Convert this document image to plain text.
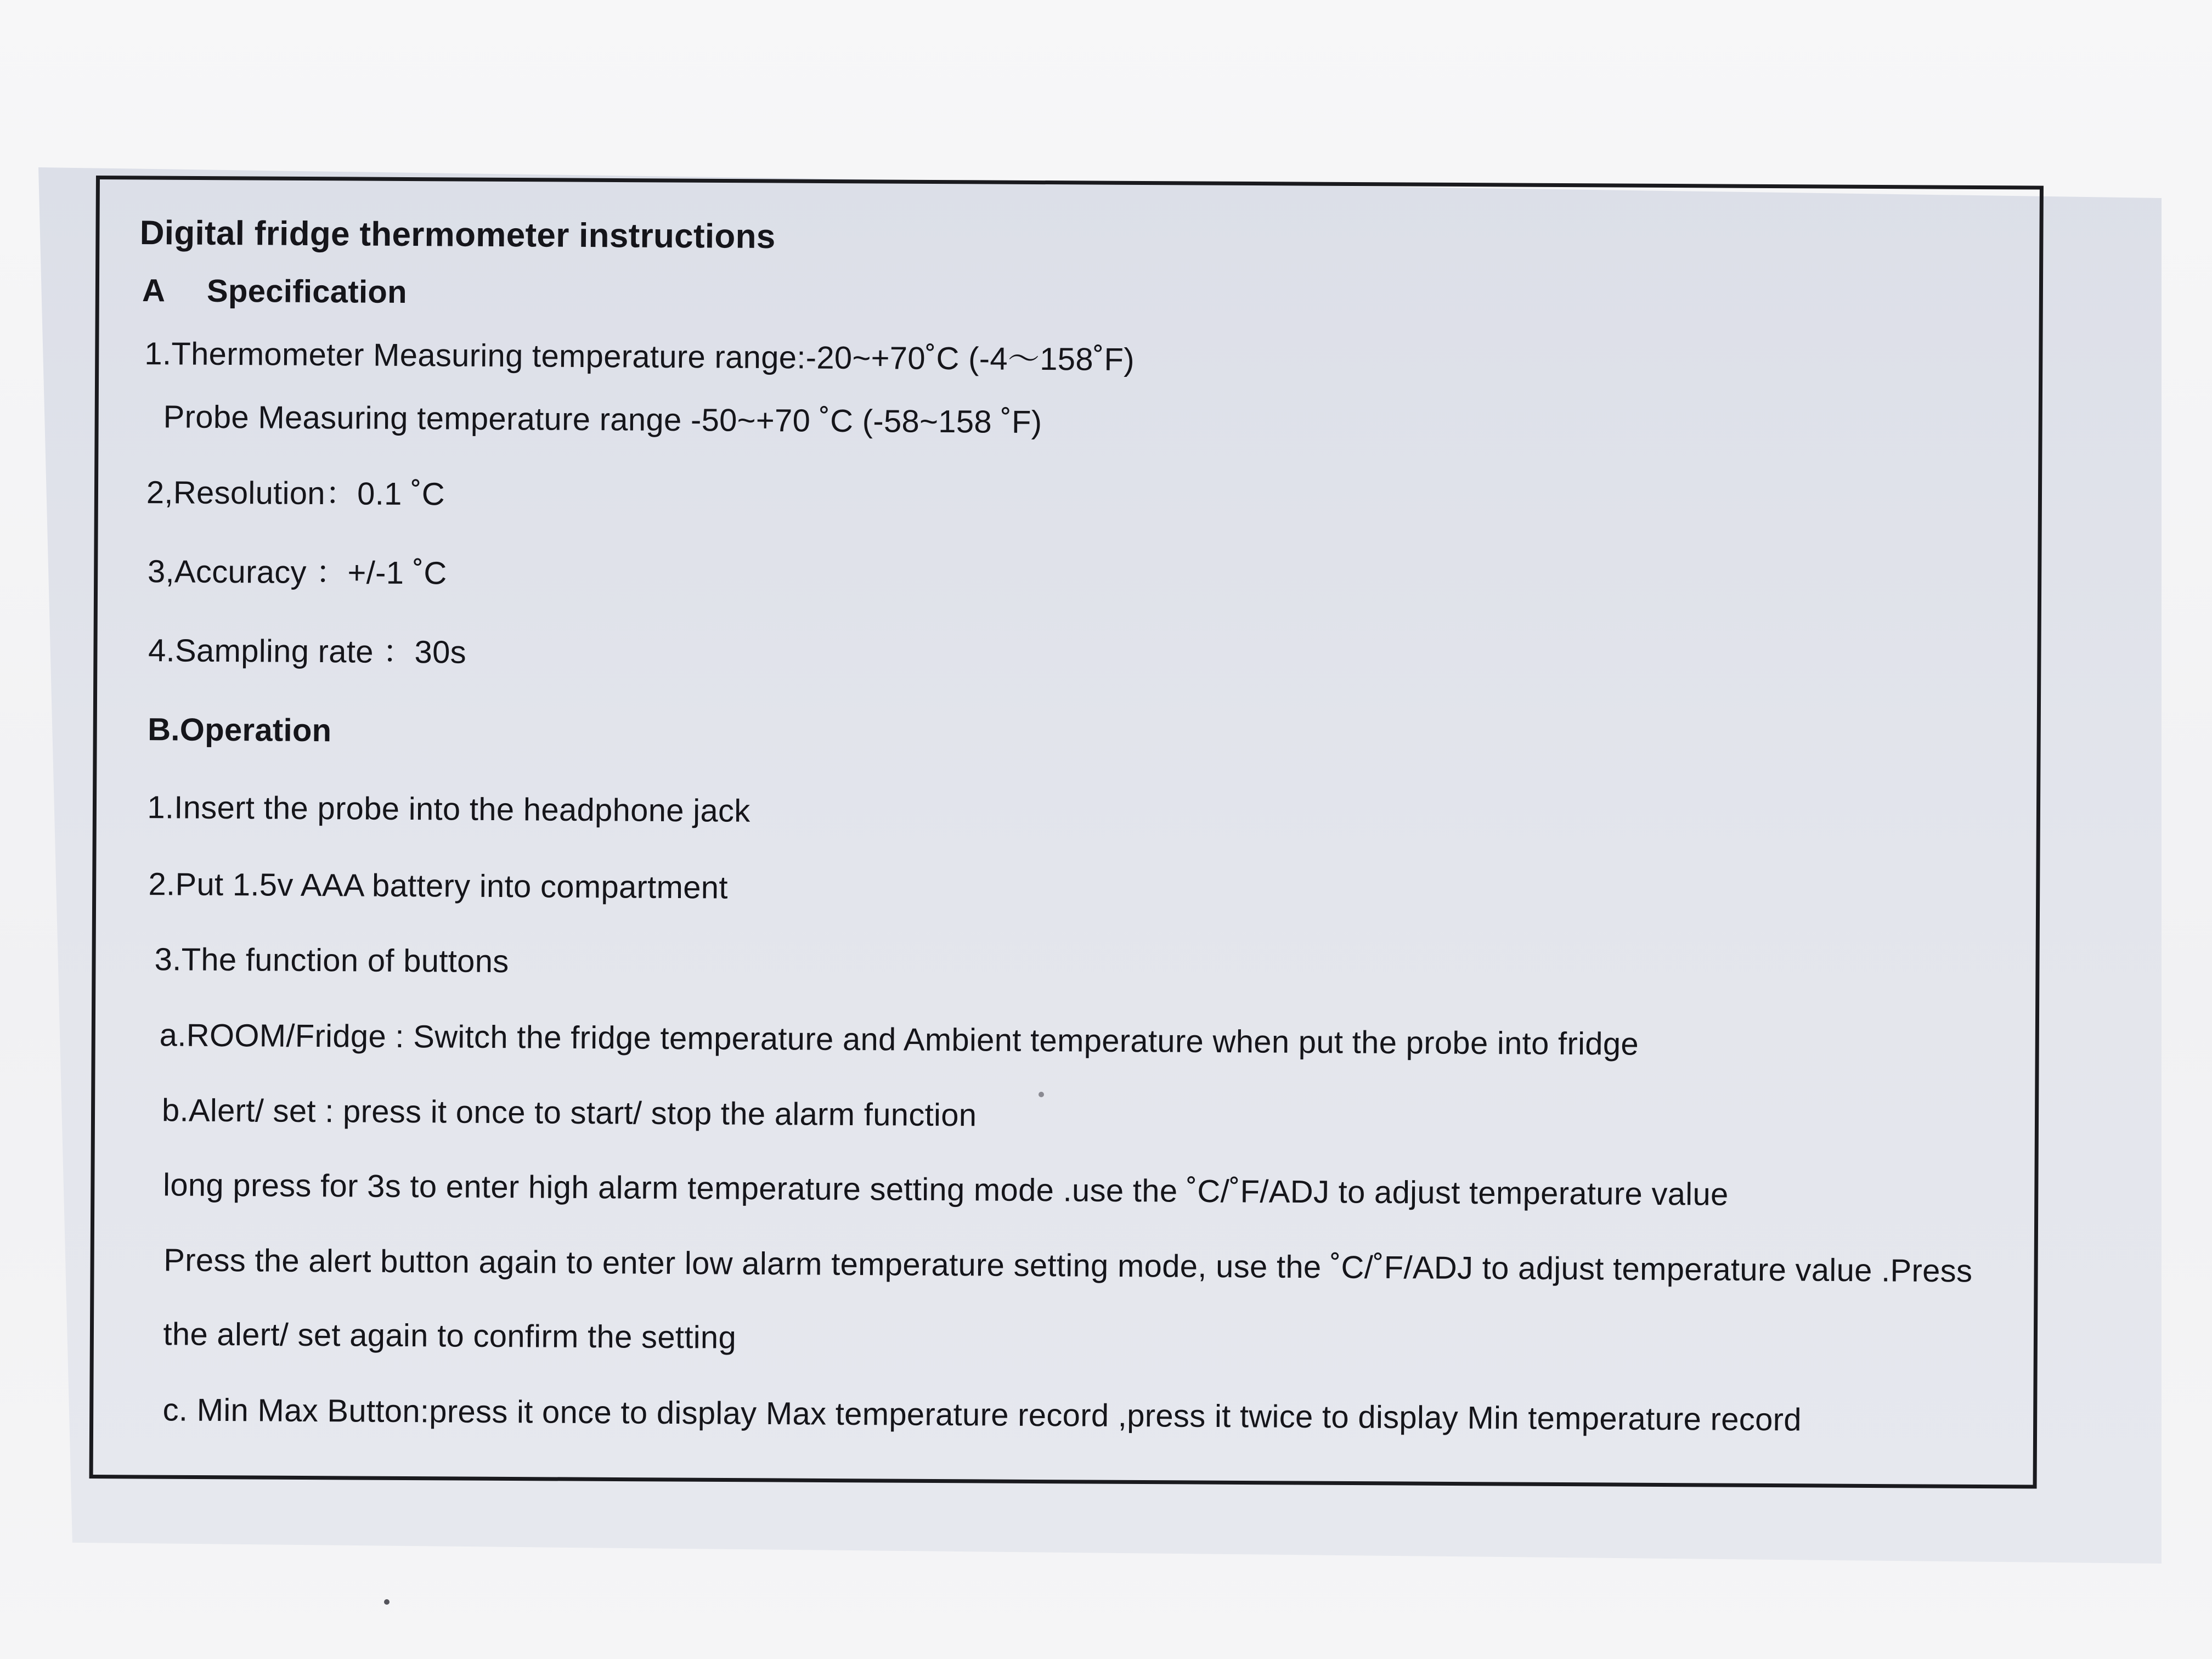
Digital fridge thermometer instructions
A Specification
1.Thermometer Measuring temperature range:-20~+70˚C (-4～158˚F)
Probe Measuring temperature range -50~+70 ˚C (-58~158 ˚F)
2,Resolution：0.1 ˚C
3,Accuracy ：+/-1 ˚C
4.Sampling rate ：30s
B.Operation
1.Insert the probe into the headphone jack
2.Put 1.5v AAA battery into compartment
3.The function of buttons
a.ROOM/Fridge : Switch the fridge temperature and Ambient temperature when put the probe into fridge
b.Alert/ set : press it once to start/ stop the alarm function
long press for 3s to enter high alarm temperature setting mode .use the ˚C/˚F/ADJ to adjust temperature value
Press the alert button again to enter low alarm temperature setting mode, use the ˚C/˚F/ADJ to adjust temperature value .Press
the alert/ set again to confirm the setting
c. Min Max Button:press it once to display Max temperature record ,press it twice to display Min temperature record
